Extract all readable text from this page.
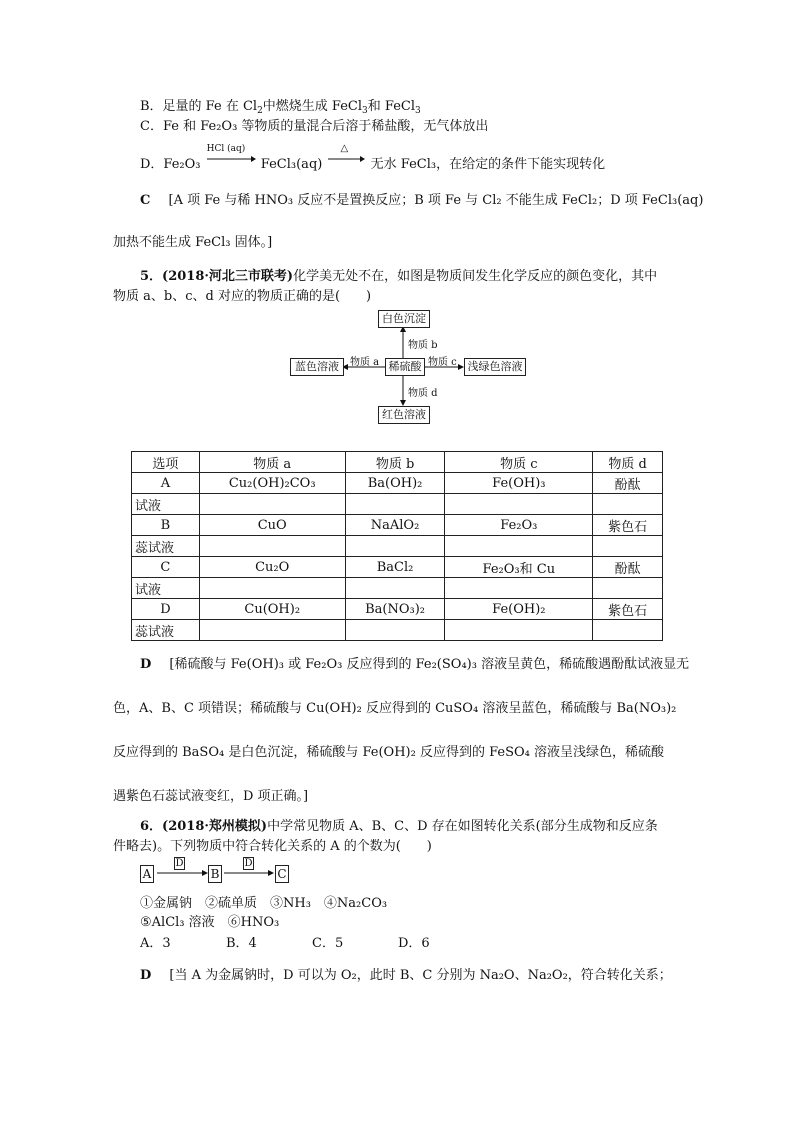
B．足量的 Fe 在 $Cl_2$中燃烧生成 FeCl$_3$和 FeCl$_3$
C．Fe 和 Fe₂O₃ 等物质的量混合后溶于稀盐酸，无气体放出
D．Fe₂O₃
HCl (aq)
FeCl₃(aq)
△
无水 FeCl₃，在给定的条件下能实现转化
C [A 项 Fe 与稀 HNO₃ 反应不是置换反应；B 项 Fe 与 Cl₂ 不能生成 FeCl₂；D 项 FeCl₃(aq)
加热不能生成 FeCl₃ 固体。]
5．(2018·河北三市联考)化学美无处不在，如图是物质间发生化学反应的颜色变化，其中
物质 a、b、c、d 对应的物质正确的是(　　)
白色沉淀
稀硫酸
蓝色溶液	浅绿色溶液
红色溶液
物质 b
物质 a	物质 c
物质 d
选项	物质 a	物质 b	物质 c	物质 d
A	Cu₂(OH)₂CO₃	Ba(OH)₂	Fe(OH)₃	酚酞
试液				
B	CuO	NaAlO₂	Fe₂O₃	紫色石
蕊试液				
C	Cu₂O	BaCl₂	Fe₂O₃和 Cu	酚酞
试液				
D	Cu(OH)₂	Ba(NO₃)₂	Fe(OH)₂	紫色石
蕊试液				
D [稀硫酸与 Fe(OH)₃ 或 Fe₂O₃ 反应得到的 Fe₂(SO₄)₃ 溶液呈黄色，稀硫酸遇酚酞试液显无
色，A、B、C 项错误；稀硫酸与 Cu(OH)₂ 反应得到的 CuSO₄ 溶液呈蓝色，稀硫酸与 Ba(NO₃)₂
反应得到的 BaSO₄ 是白色沉淀，稀硫酸与 Fe(OH)₂ 反应得到的 FeSO₄ 溶液呈浅绿色，稀硫酸
遇紫色石蕊试液变红，D 项正确。]
6．(2018·郑州模拟)中学常见物质 A、B、C、D 存在如图转化关系(部分生成物和反应条
件略去)。下列物质中符合转化关系的 A 的个数为(　　)
A	B	C
D	D
①金属钠　②硫单质　③NH₃　④Na₂CO₃
⑤AlCl₃ 溶液　⑥HNO₃
A．3	B．4	C．5	D．6
D [当 A 为金属钠时，D 可以为 O₂，此时 B、C 分别为 Na₂O、Na₂O₂，符合转化关系；
